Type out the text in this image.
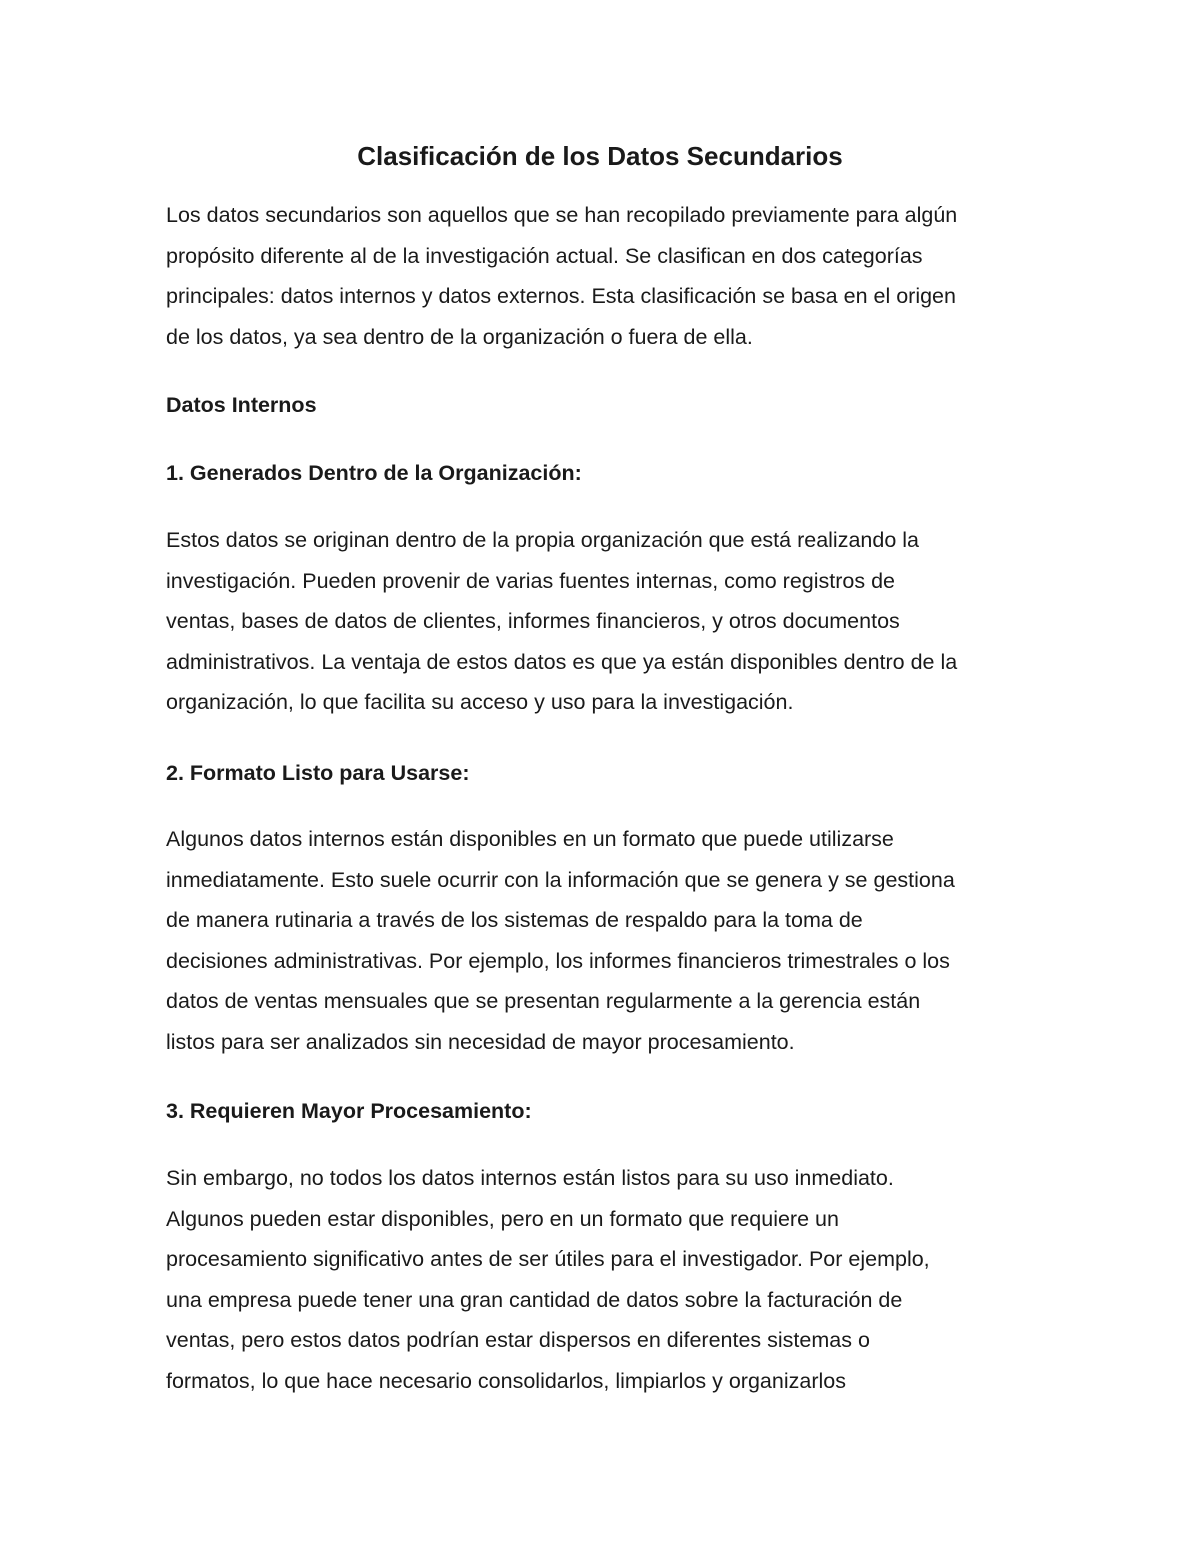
Clasificación de los Datos Secundarios

Los datos secundarios son aquellos que se han recopilado previamente para algún
propósito diferente al de la investigación actual. Se clasifican en dos categorías
principales: datos internos y datos externos. Esta clasificación se basa en el origen
de los datos, ya sea dentro de la organización o fuera de ella.

Datos Internos
1. Generados Dentro de la Organización:

Estos datos se originan dentro de la propia organización que está realizando la
investigación. Pueden provenir de varias fuentes internas, como registros de
ventas, bases de datos de clientes, informes financieros, y otros documentos
administrativos. La ventaja de estos datos es que ya están disponibles dentro de la
organización, lo que facilita su acceso y uso para la investigación.

2. Formato Listo para Usarse:

Algunos datos internos están disponibles en un formato que puede utilizarse
inmediatamente. Esto suele ocurrir con la información que se genera y se gestiona
de manera rutinaria a través de los sistemas de respaldo para la toma de
decisiones administrativas. Por ejemplo, los informes financieros trimestrales o los
datos de ventas mensuales que se presentan regularmente a la gerencia están
listos para ser analizados sin necesidad de mayor procesamiento.

3. Requieren Mayor Procesamiento:

Sin embargo, no todos los datos internos están listos para su uso inmediato.
Algunos pueden estar disponibles, pero en un formato que requiere un
procesamiento significativo antes de ser útiles para el investigador. Por ejemplo,
una empresa puede tener una gran cantidad de datos sobre la facturación de
ventas, pero estos datos podrían estar dispersos en diferentes sistemas o
formatos, lo que hace necesario consolidarlos, limpiarlos y organizarlos
